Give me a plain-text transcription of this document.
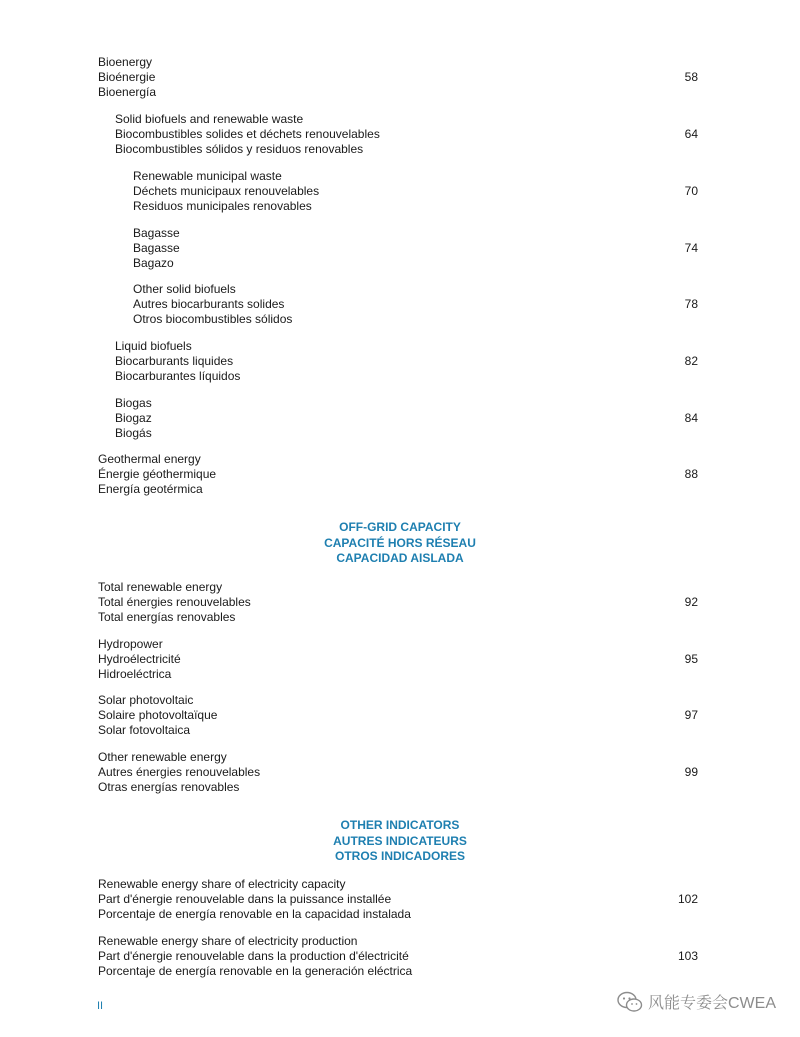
Bioenergy
Bioénergie
Bioenergía
58
Solid biofuels and renewable waste
Biocombustibles solides et déchets renouvelables
Biocombustibles sólidos y residuos renovables
64
Renewable municipal waste
Déchets municipaux renouvelables
Residuos municipales renovables
70
Bagasse
Bagasse
Bagazo
74
Other solid biofuels
Autres biocarburants solides
Otros biocombustibles sólidos
78
Liquid biofuels
Biocarburants liquides
Biocarburantes líquidos
82
Biogas
Biogaz
Biogás
84
Geothermal energy
Énergie géothermique
Energía geotérmica
88
OFF-GRID CAPACITY
CAPACITÉ HORS RÉSEAU
CAPACIDAD AISLADA
Total renewable energy
Total énergies renouvelables
Total energías renovables
92
Hydropower
Hydroélectricité
Hidroeléctrica
95
Solar photovoltaic
Solaire photovoltaïque
Solar fotovoltaica
97
Other renewable energy
Autres énergies renouvelables
Otras energías renovables
99
OTHER INDICATORS
AUTRES INDICATEURS
OTROS INDICADORES
Renewable energy share of electricity capacity
Part d'énergie renouvelable dans la puissance installée
Porcentaje de energía renovable en la capacidad instalada
102
Renewable energy share of electricity production
Part d'énergie renouvelable dans la production d'électricité
Porcentaje de energía renovable en la generación eléctrica
103
II	风能专委会CWEA
